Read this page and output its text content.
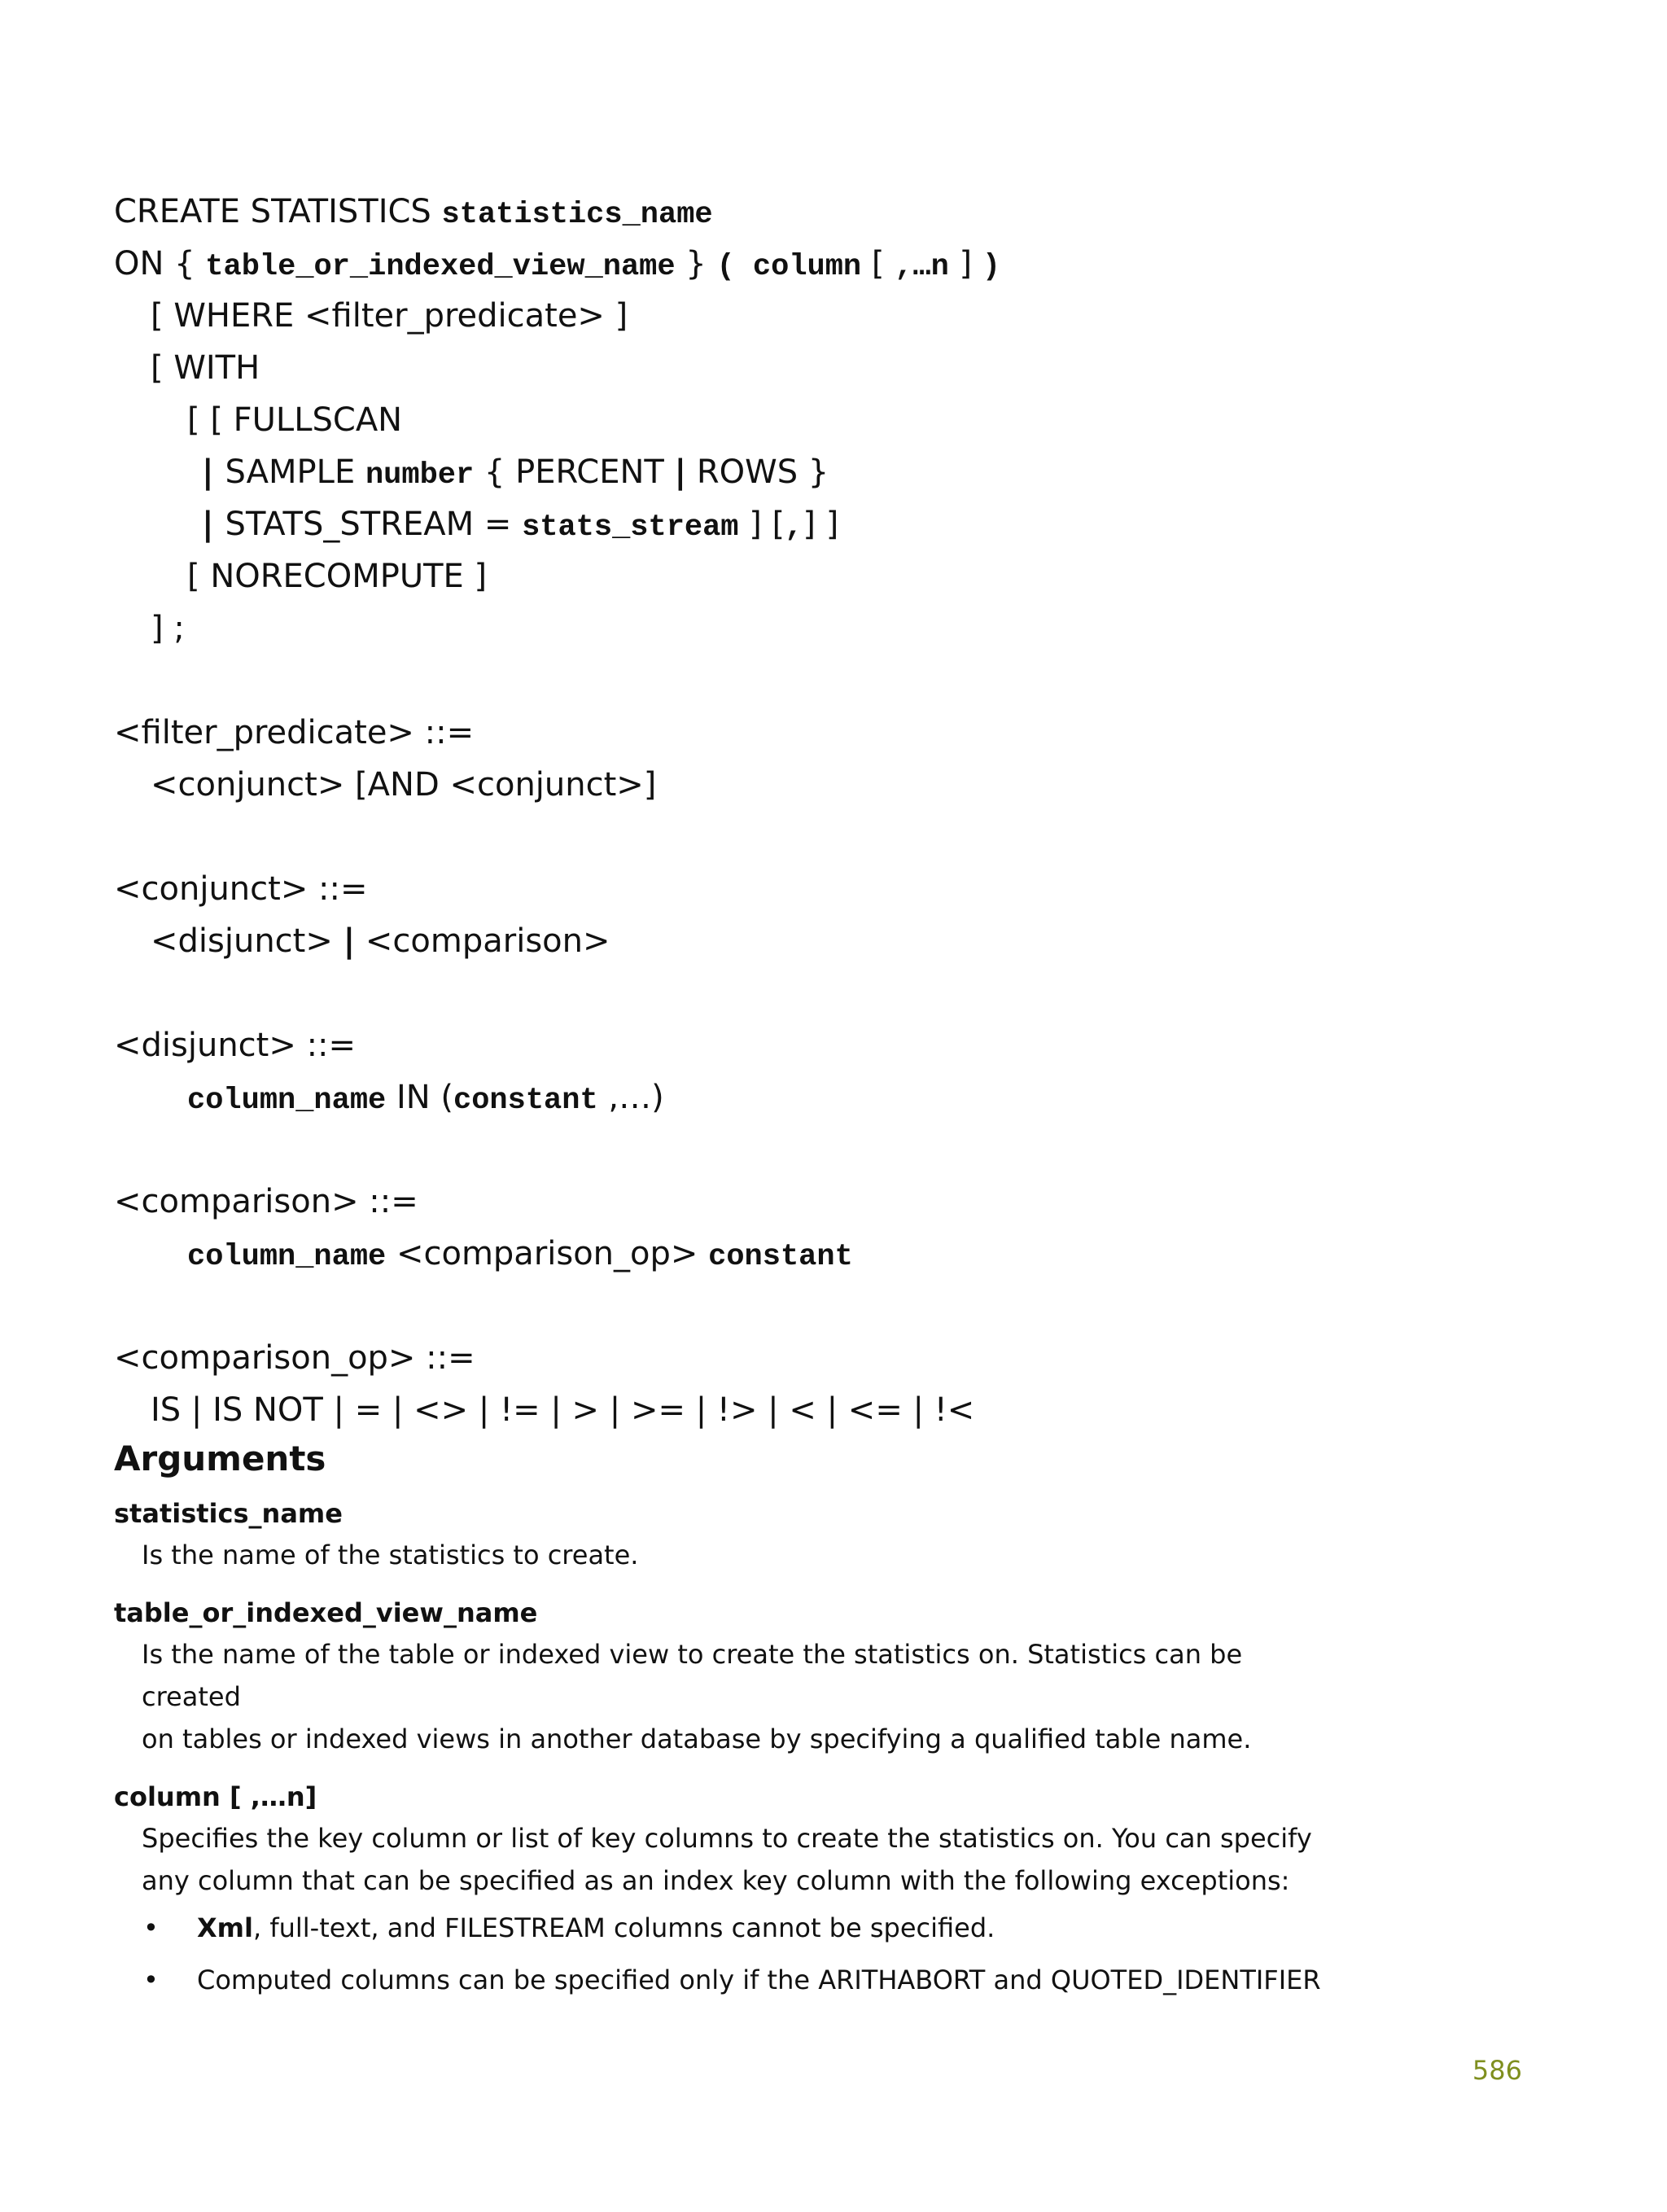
CREATE STATISTICS statistics_name
ON { table_or_indexed_view_name } ( column [ ,…n ] )
[ WHERE <filter_predicate> ]
[ WITH
[ [ FULLSCAN
| SAMPLE number { PERCENT | ROWS }
| STATS_STREAM = stats_stream ] [,] ]
[ NORECOMPUTE ]
] ;
<filter_predicate> ::=
<conjunct> [AND <conjunct>]
<conjunct> ::=
<disjunct> | <comparison>
<disjunct> ::=
column_name IN (constant ,…)
<comparison> ::=
column_name <comparison_op> constant
<comparison_op> ::=
IS | IS NOT | = | <> | != | > | >= | !> | < | <= | !<
Arguments
statistics_name

Is the name of the statistics to create.

table_or_indexed_view_name

Is the name of the table or indexed view to create the statistics on. Statistics can be created

on tables or indexed views in another database by specifying a qualified table name.

column [ ,…n]

Specifies the key column or list of key columns to create the statistics on. You can specify

any column that can be specified as an index key column with the following exceptions:

• Xml, full-text, and FILESTREAM columns cannot be specified.
• Computed columns can be specified only if the ARITHABORT and QUOTED_IDENTIFIER
586
